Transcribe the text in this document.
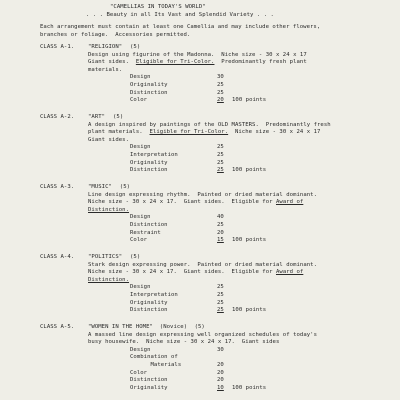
"CAMELLIAS IN TODAY'S WORLD"
. . . Beauty in all Its Vast and Splendid Variety . . .
Each arrangement must contain at least one Camellia and may include other flowers,
branches or foliage.  Accessories permitted.
CLASS A-1. "RELIGION" (5)
Design using figurine of the Madonna.  Niche size - 30 x 24 x 17
Giant sides.  Eligible for Tri-Color.  Predominantly fresh plant
materials.
Design	30
Originality	25
Distinction	25
Color	20 100 points
CLASS A-2. "ART" (5)
A design inspired by paintings of the OLD MASTERS.  Predominantly fresh
plant materials.  Eligible for Tri-Color.  Niche size - 30 x 24 x 17
Giant sides.
Design	25
Interpretation	25
Originality	25
Distinction	25 100 points
CLASS A-3. "MUSIC" (5)
Line design expressing rhythm.  Painted or dried material dominant.
Niche size - 30 x 24 x 17.  Giant sides.  Eligible for Award of
Distinction.
Design	40
Distinction	25
Restraint	20
Color	15 100 points
CLASS A-4. "POLITICS" (5)
Stark design expressing power.  Painted or dried material dominant.
Niche size - 30 x 24 x 17.  Giant sides.  Eligible for Award of
Distinction.
Design	25
Interpretation	25
Originality	25
Distinction	25 100 points
CLASS A-5. "WOMEN IN THE HOME"  (Novice) (5)
A massed line design expressing well organized schedules of today's
busy housewife.  Niche size - 30 x 24 x 17.  Giant sides
Design	30
Combination of
Materials	20
Color	20
Distinction	20
Originality	10 100 points
